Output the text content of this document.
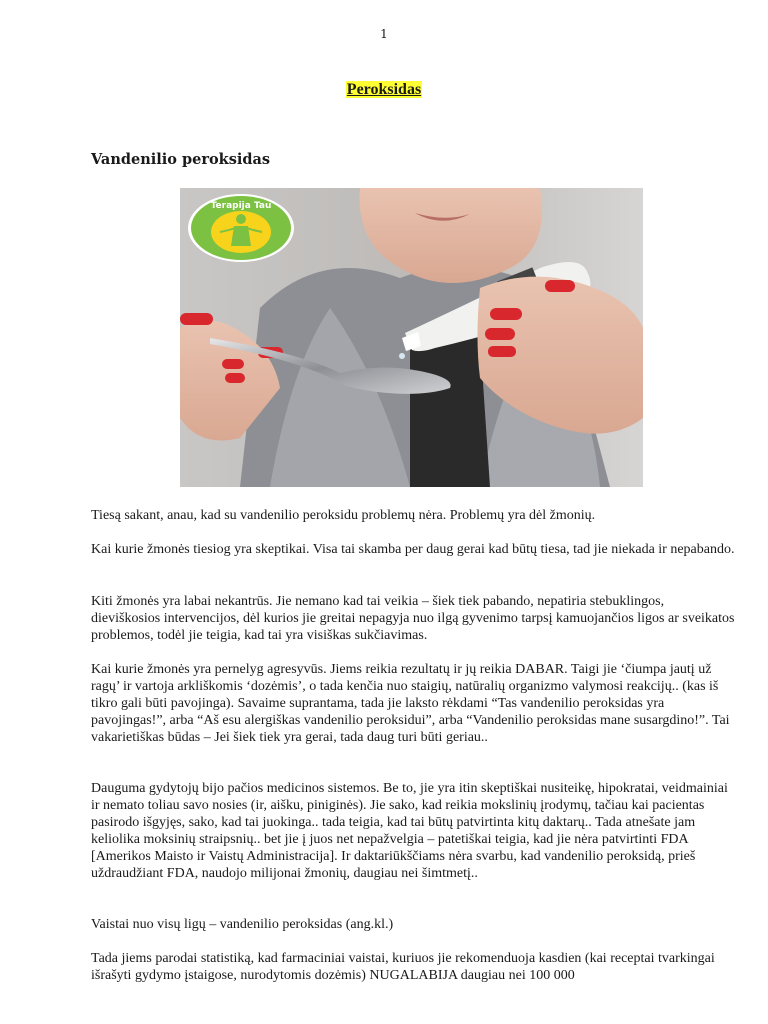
1
Peroksidas
Vandenilio peroksidas
Terapija Tau
Tiesą sakant, anau, kad su vandenilio peroksidu problemų nėra. Problemų yra dėl žmonių.
Kai kurie žmonės tiesiog yra skeptikai. Visa tai skamba per daug gerai kad būtų tiesa, tad jie niekada ir nepabando.
Kiti žmonės yra labai nekantrūs. Jie nemano kad tai veikia – šiek tiek pabando, nepatiria stebuklingos, dieviškosios intervencijos, dėl kurios jie greitai nepagyja nuo ilgą gyvenimo tarpsį kamuojančios ligos ar sveikatos problemos, todėl jie teigia, kad tai yra visiškas sukčiavimas.
Kai kurie žmonės yra pernelyg agresyvūs. Jiems reikia rezultatų ir jų reikia DABAR. Taigi jie ‘čiumpa jautį už ragų’ ir vartoja arkliškomis ‘dozėmis’, o tada kenčia nuo staigių, natūralių organizmo valymosi reakcijų.. (kas iš tikro gali būti pavojinga). Savaime suprantama, tada jie laksto rėkdami “Tas vandenilio peroksidas yra pavojingas!”, arba “Aš esu alergiškas vandenilio peroksidui”, arba “Vandenilio peroksidas mane susargdino!”. Tai vakarietiškas būdas – Jei šiek tiek yra gerai, tada daug turi būti geriau..
Dauguma gydytojų bijo pačios medicinos sistemos. Be to, jie yra itin skeptiškai nusiteikę, hipokratai, veidmainiai ir nemato toliau savo nosies (ir, aišku, piniginės). Jie sako, kad reikia mokslinių įrodymų, tačiau kai pacientas pasirodo išgyjęs, sako, kad tai juokinga.. tada teigia, kad tai būtų patvirtinta kitų daktarų.. Tada atnešate jam keliolika moksinių straipsnių.. bet jie į juos net nepažvelgia – patetiškai teigia, kad jie nėra patvirtinti FDA [Amerikos Maisto ir Vaistų Administracija]. Ir daktariūkščiams nėra svarbu, kad vandenilio peroksidą, prieš uždraudžiant FDA, naudojo milijonai žmonių, daugiau nei šimtmetį..
Vaistai nuo visų ligų – vandenilio peroksidas (ang.kl.)
Tada jiems parodai statistiką, kad farmaciniai vaistai, kuriuos jie rekomenduoja kasdien (kai receptai tvarkingai išrašyti gydymo įstaigose, nurodytomis dozėmis) NUGALABIJA daugiau nei 100 000
